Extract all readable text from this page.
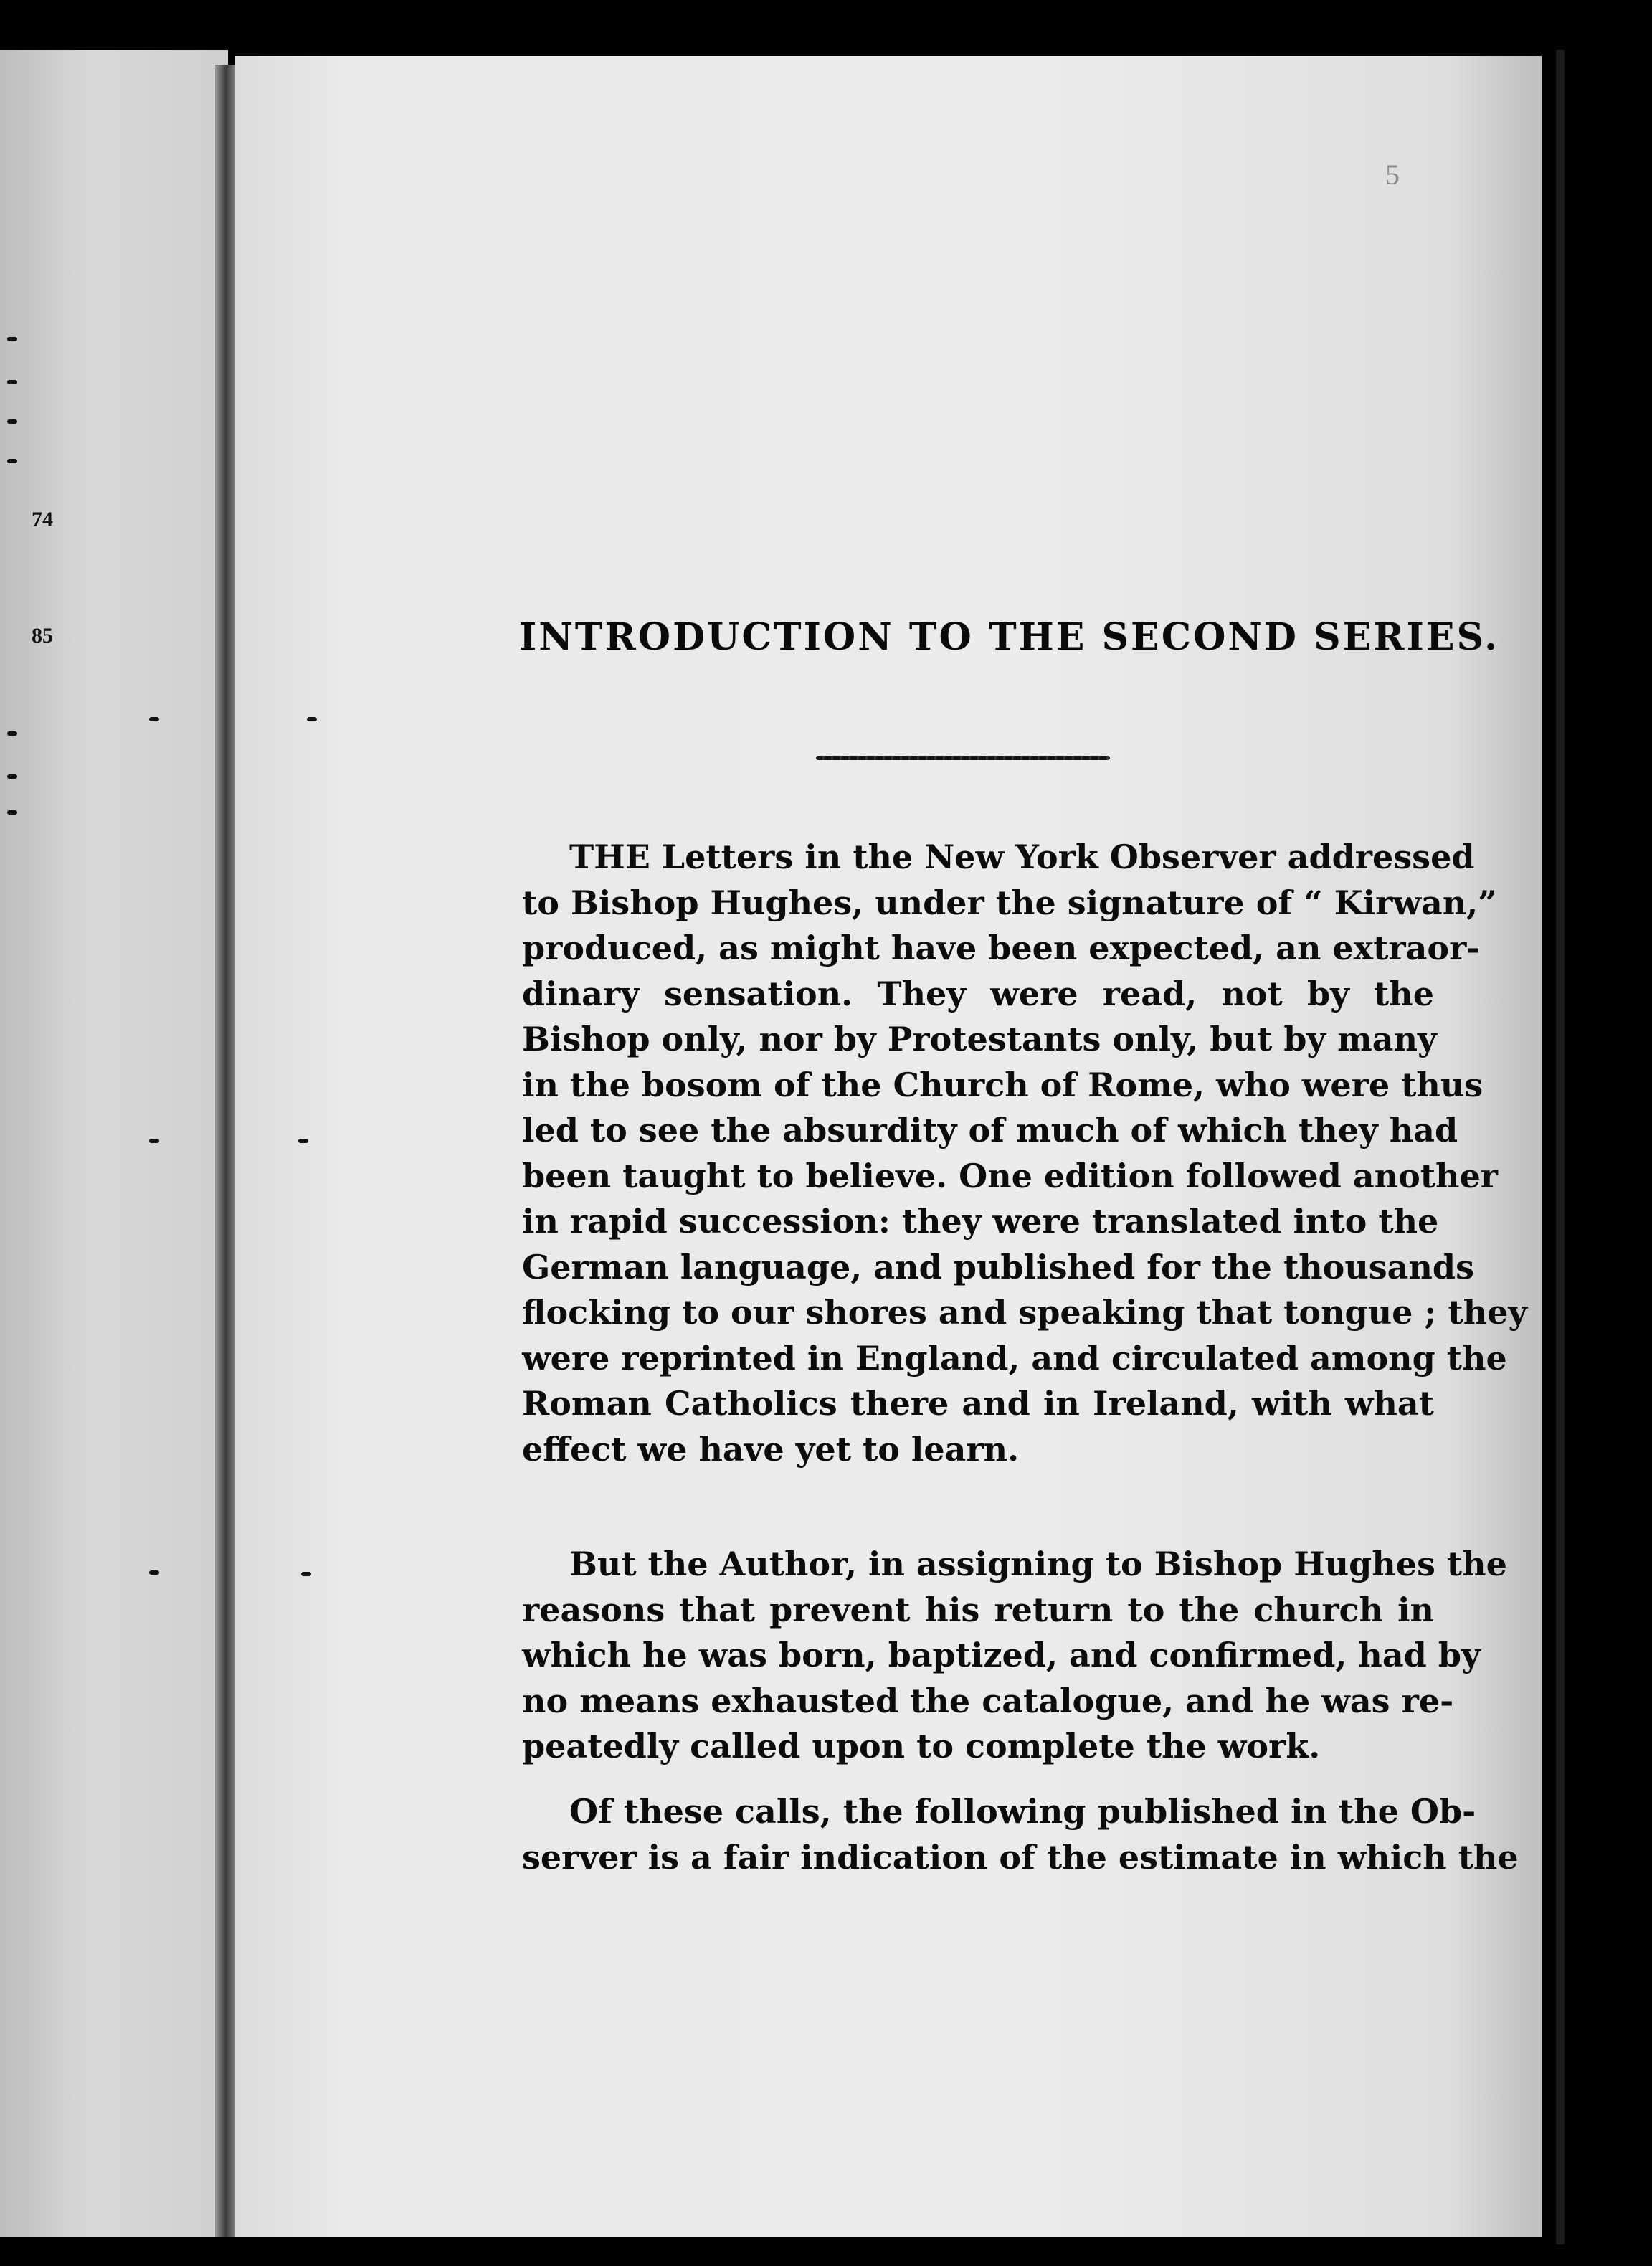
74
85
5
INTRODUCTION TO THE SECOND SERIES.
THE Letters in the New York Observer addressed
to Bishop Hughes, under the signature of “ Kirwan,”
produced, as might have been expected, an extraor-
dinary sensation. They were read, not by the
Bishop only, nor by Protestants only, but by many
in the bosom of the Church of Rome, who were thus
led to see the absurdity of much of which they had
been taught to believe. One edition followed another
in rapid succession: they were translated into the
German language, and published for the thousands
flocking to our shores and speaking that tongue ; they
were reprinted in England, and circulated among the
Roman Catholics there and in Ireland, with what
effect we have yet to learn.
But the Author, in assigning to Bishop Hughes the
reasons that prevent his return to the church in
which he was born, baptized, and confirmed, had by
no means exhausted the catalogue, and he was re-
peatedly called upon to complete the work.
Of these calls, the following published in the Ob-
server is a fair indication of the estimate in which the
